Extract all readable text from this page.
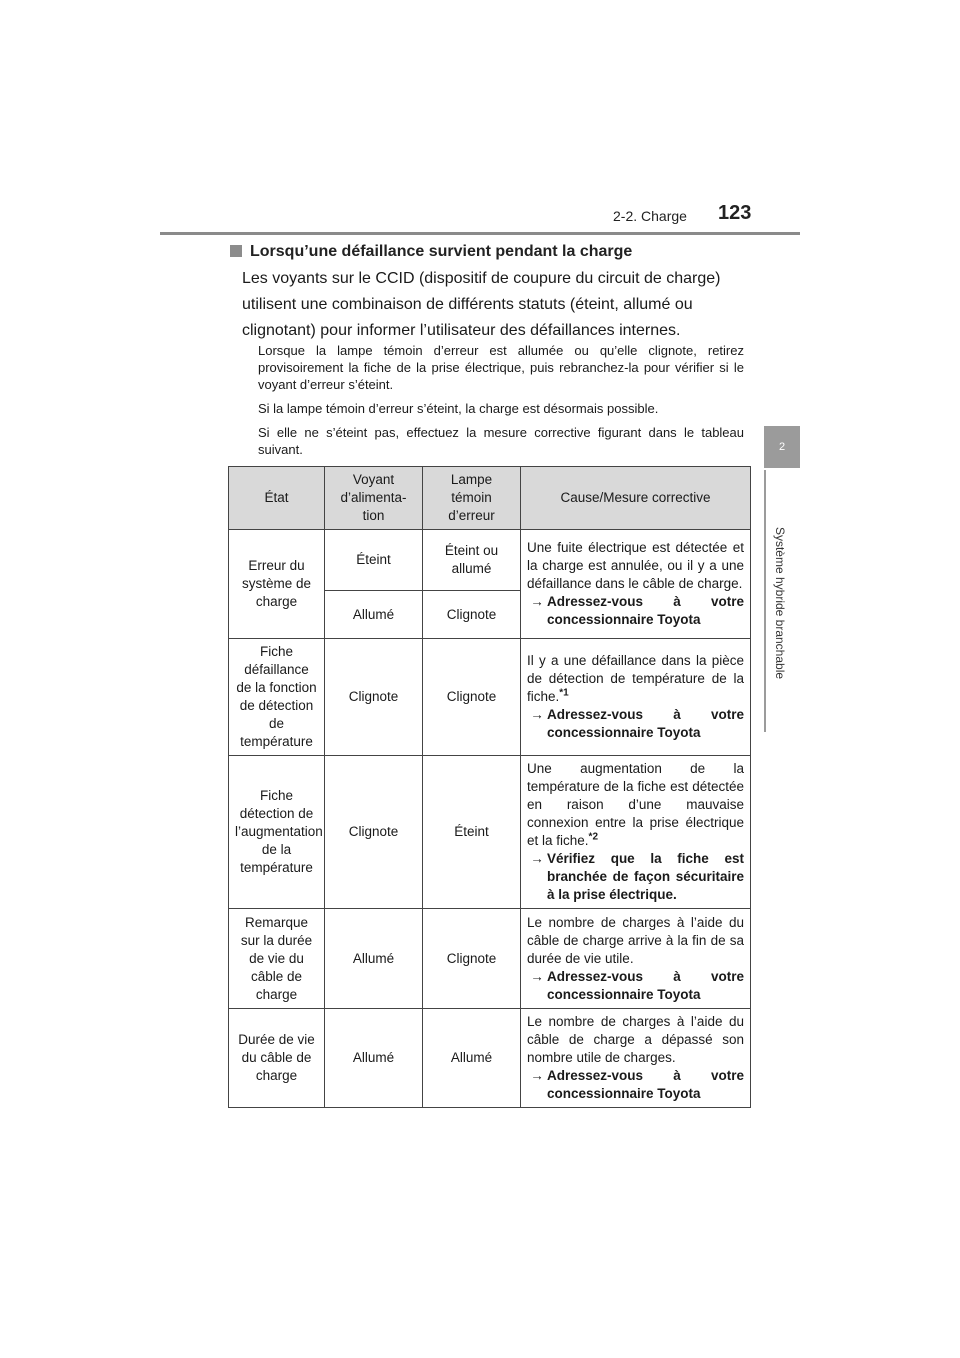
2-2. Charge 123
2
Système hybride branchable
Lorsqu’une défaillance survient pendant la charge
Les voyants sur le CCID (dispositif de coupure du circuit de charge) utilisent une combinaison de différents statuts (éteint, allumé ou clignotant) pour informer l’utilisateur des défaillances internes.
Lorsque la lampe témoin d’erreur est allumée ou qu’elle clignote, retirez provisoirement la fiche de la prise électrique, puis rebranchez-la pour vérifier si le voyant d’erreur s’éteint.
Si la lampe témoin d’erreur s’éteint, la charge est désormais possible.
Si elle ne s’éteint pas, effectuez la mesure corrective figurant dans le tableau suivant.
État	Voyant d’alimenta-tion	Lampe témoin d’erreur	Cause/Mesure corrective
Erreur du système de charge	Éteint	Éteint ou allumé	Une fuite électrique est détectée et la charge est annulée, ou il y a une défaillance dans le câble de charge.
→ Adressez-vous à votre concessionnaire Toyota

	Allumé	Clignote	
Fiche défaillance de la fonction de détection de température	Clignote	Clignote	Il y a une défaillance dans la pièce de détection de température de la fiche.$^{*1}$
→ Adressez-vous à votre concessionnaire Toyota

Fiche détection de l’augmentation de la température	Clignote	Éteint	Une augmentation de la température de la fiche est détectée en raison d’une mauvaise connexion entre la prise électrique et la fiche.$^{*2}$
→ Vérifiez que la fiche est branchée de façon sécuritaire à la prise électrique.

Remarque sur la durée de vie du câble de charge	Allumé	Clignote	Le nombre de charges à l’aide du câble de charge arrive à la fin de sa durée de vie utile.
→ Adressez-vous à votre concessionnaire Toyota

Durée de vie du câble de charge	Allumé	Allumé	Le nombre de charges à l’aide du câble de charge a dépassé son nombre utile de charges.
→ Adressez-vous à votre concessionnaire Toyota
